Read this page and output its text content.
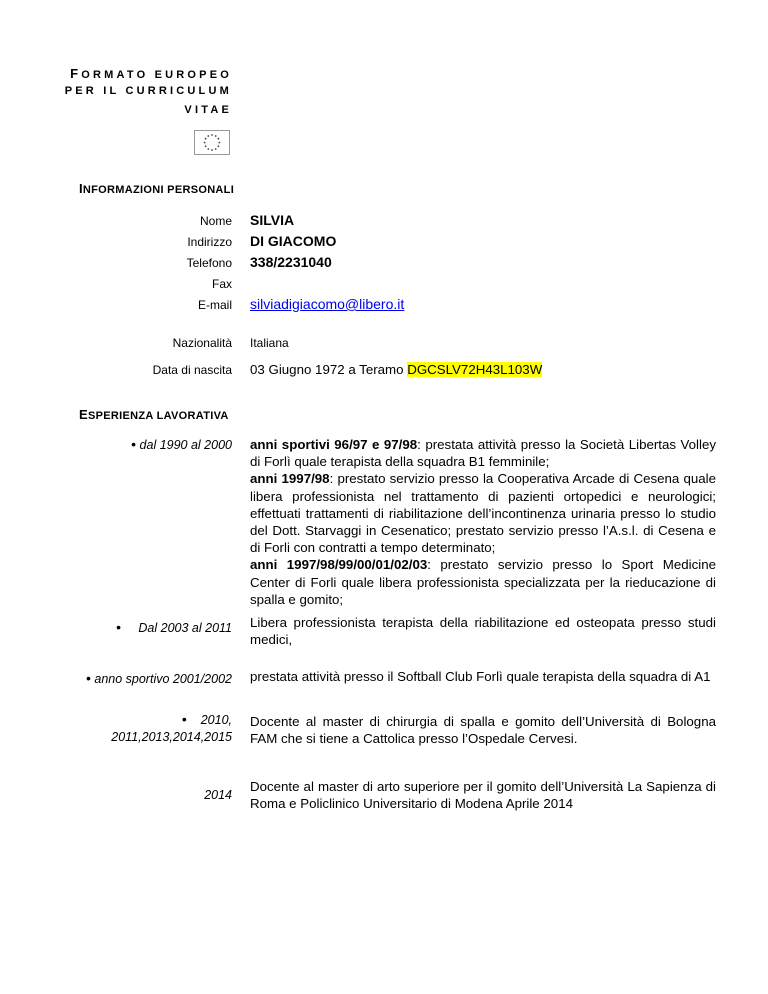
FORMATO EUROPEO
PER IL CURRICULUM
VITAE
INFORMAZIONI PERSONALI
Nome SILVIA
Indirizzo DI GIACOMO
Telefono 338/2231040
Fax
E-mail silviadigiacomo@libero.it
Nazionalità Italiana
Data di nascita 03 Giugno 1972 a Teramo DGCSLV72H43L103W
ESPERIENZA LAVORATIVA
• dal 1990 al 2000 anni sportivi 96/97 e 97/98: prestata attività presso la Società Libertas Volley di Forlì quale terapista della squadra B1 femminile;
anni 1997/98: prestato servizio presso la Cooperativa Arcade di Cesena quale libera professionista nel trattamento di pazienti ortopedici e neurologici; effettuati trattamenti di riabilitazione dell’incontinenza urinaria presso lo studio del Dott. Starvaggi in Cesenatico; prestato servizio presso l’A.s.l. di Cesena e di Forli con contratti a tempo determinato;
anni 1997/98/99/00/01/02/03: prestato servizio presso lo Sport Medicine Center di Forli quale libera professionista specializzata per la rieducazione di spalla e gomito;
• Dal 2003 al 2011 Libera professionista terapista della riabilitazione ed osteopata presso studi medici,
• anno sportivo 2001/2002 prestata attività presso il Softball Club Forlì quale terapista della squadra di A1
• 2010,
2011,2013,2014,2015
Docente al master di chirurgia di spalla e gomito dell’Università di Bologna FAM che si tiene a Cattolica presso l’Ospedale Cervesi.
2014
Docente al master di arto superiore per il gomito dell’Università La Sapienza di Roma e Policlinico Universitario di Modena Aprile 2014
